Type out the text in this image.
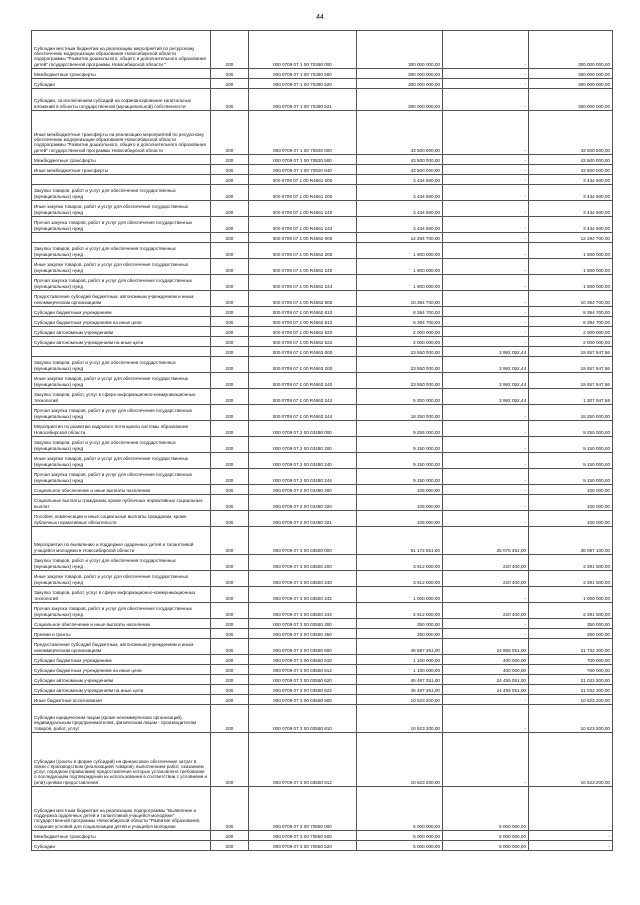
44
Субсидии местным бюджетам на реализацию мероприятий по ресурсному обеспечению модернизации образования Новосибирской области подпрограммы "Развитие дошкольного, общего и дополнительного образования детей" государственной программы Новосибирской области "	200	000 0709 07 1 00 70380 000	300 000 000,00	-	300 000 000,00
Межбюджетные трансферты	200	000 0709 07 1 00 70380 500	300 000 000,00	-	300 000 000,00
Субсидии	200	000 0709 07 1 00 70380 520	300 000 000,00	-	300 000 000,00
Субсидии, за исключением субсидий на софинансирование капитальных вложений в объекты государственной (муниципальной) собственности	200	000 0709 07 1 00 70380 521	300 000 000,00	-	300 000 000,00
Иные межбюджетные трансферты на реализацию мероприятий по ресурсному обеспечению модернизации образования Новосибирской области подпрограммы "Развитие дошкольного, общего и дополнительного образования детей" государственной программы Новосибирской области	200	000 0709 07 1 00 70820 000	43 500 000,00	-	43 500 000,00
Межбюджетные трансферты	200	000 0709 07 1 00 70820 500	43 500 000,00	-	43 500 000,00
Иные межбюджетные трансферты	200	000 0709 07 1 00 70820 540	43 500 000,00	-	43 500 000,00
	200	000 0709 07 1 00 R4661 000	3 434 600,00	-	3 434 600,00
Закупка товаров, работ и услуг для обеспечения государственных (муниципальных) нужд	200	000 0709 07 1 00 R4661 200	3 434 600,00	-	3 434 600,00
Иные закупки товаров, работ и услуг для обеспечения государственных (муниципальных) нужд	200	000 0709 07 1 00 R4661 240	3 434 600,00	-	3 434 600,00
Прочая закупка товаров, работ и услуг для обеспечения государственных (муниципальных) нужд	200	000 0709 07 1 00 R4661 244	3 434 600,00	-	3 434 600,00
	200	000 0709 07 1 00 R4662 000	12 294 700,00	-	12 294 700,00
Закупка товаров, работ и услуг для обеспечения государственных (муниципальных) нужд	200	000 0709 07 1 00 R4662 200	1 900 000,00	-	1 900 000,00
Иные закупки товаров, работ и услуг для обеспечения государственных (муниципальных) нужд	200	000 0709 07 1 00 R4662 240	1 900 000,00	-	1 900 000,00
Прочая закупка товаров, работ и услуг для обеспечения государственных (муниципальных) нужд	200	000 0709 07 1 00 R4662 244	1 900 000,00	-	1 900 000,00
Предоставление субсидий бюджетным, автономным учреждениям и иным некоммерческим организациям	200	000 0709 07 1 00 R4662 600	10 394 700,00	-	10 394 700,00
Субсидии бюджетным учреждениям	200	000 0709 07 1 00 R4662 610	8 394 700,00	-	8 394 700,00
Субсидии бюджетным учреждениям на иные цели	200	000 0709 07 1 00 R4662 612	8 394 700,00	-	8 394 700,00
Субсидии автономным учреждениям	200	000 0709 07 1 00 R4662 620	2 000 000,00	-	2 000 000,00
Субсидии автономным учреждениям на иные цели	200	000 0709 07 1 00 R4662 622	2 000 000,00	-	2 000 000,00
	200	000 0709 07 1 00 R4663 000	23 550 000,00	3 992 052,44	19 557 947,56
Закупка товаров, работ и услуг для обеспечения государственных (муниципальных) нужд	200	000 0709 07 1 00 R4663 200	23 550 000,00	3 992 052,44	19 557 947,56
Иные закупки товаров, работ и услуг для обеспечения государственных (муниципальных) нужд	200	000 0709 07 1 00 R4663 240	23 550 000,00	3 992 052,44	19 557 947,56
Закупка товаров, работ, услуг в сфере информационно-коммуникационных технологий	200	000 0709 07 1 00 R4663 242	5 300 000,00	3 992 052,44	1 307 947,56
Прочая закупка товаров, работ и услуг для обеспечения государственных (муниципальных) нужд	200	000 0709 07 1 00 R4663 244	18 250 000,00	-	18 250 000,00
Мероприятия по развитию кадрового потенциала системы образования Новосибирской области	200	000 0709 07 2 00 03480 000	9 255 000,00	-	9 255 000,00
Закупка товаров, работ и услуг для обеспечения государственных (муниципальных) нужд	200	000 0709 07 2 00 03480 200	9 150 000,00	-	9 150 000,00
Иные закупки товаров, работ и услуг для обеспечения государственных (муниципальных) нужд	200	000 0709 07 2 00 03480 240	9 150 000,00	-	9 150 000,00
Прочая закупка товаров, работ и услуг для обеспечения государственных (муниципальных) нужд	200	000 0709 07 2 00 03480 244	9 150 000,00	-	9 150 000,00
Социальное обеспечение и иные выплаты населению	200	000 0709 07 2 00 03480 300	105 000,00	-	105 000,00
Социальные выплаты гражданам, кроме публичных нормативных социальных выплат	200	000 0709 07 2 00 03480 320	105 000,00	-	105 000,00
Пособия, компенсации и иные социальные выплаты гражданам, кроме публичных нормативных обязательств	200	000 0709 07 2 00 03480 321	105 000,00	-	105 000,00
Мероприятия по выявлению и поддержке одаренных детей и талантливой учащейся молодежи в Новосибирской области	200	000 0709 07 3 00 03550 000	61 172 551,00	25 075 451,00	36 097 100,00
Закупка товаров, работ и услуг для обеспечения государственных (муниципальных) нужд	200	000 0709 07 3 00 03550 200	3 612 000,00	220 400,00	3 391 600,00
Иные закупки товаров, работ и услуг для обеспечения государственных (муниципальных) нужд	200	000 0709 07 3 00 03550 240	3 612 000,00	220 400,00	3 391 600,00
Закупка товаров, работ, услуг в сфере информационно-коммуникационных технологий	200	000 0709 07 3 00 03550 242	1 000 000,00	-	1 000 000,00
Прочая закупка товаров, работ и услуг для обеспечения государственных (муниципальных) нужд	200	000 0709 07 3 00 03550 244	2 612 000,00	220 400,00	2 391 600,00
Социальное обеспечение и иные выплаты населению	200	000 0709 07 3 00 03550 300	350 000,00	-	350 000,00
Премии и гранты	200	000 0709 07 3 00 03550 350	350 000,00	-	350 000,00
Предоставление субсидий бюджетным, автономным учреждениям и иным некоммерческим организациям	200	000 0709 07 3 00 03550 600	46 587 351,00	24 855 051,00	21 732 300,00
Субсидии бюджетным учреждениям	200	000 0709 07 3 00 03550 610	1 100 000,00	400 000,00	700 000,00
Субсидии бюджетным учреждениям на иные цели	200	000 0709 07 3 00 03550 612	1 100 000,00	400 000,00	700 000,00
Субсидии автономным учреждениям	200	000 0709 07 3 00 03550 620	45 487 351,00	24 455 051,00	21 032 300,00
Субсидии автономным учреждениям на иные цели	200	000 0709 07 3 00 03550 622	45 487 351,00	24 455 051,00	21 032 300,00
Иные бюджетные ассигнования	200	000 0709 07 3 00 03550 800	10 623 200,00	-	10 623 200,00
Субсидии юридическим лицам (кроме некоммерческих организаций), индивидуальным предпринимателям, физическим лицам - производителям товаров, работ, услуг	200	000 0709 07 3 00 03550 810	10 623 200,00	-	10 623 200,00
Субсидии (гранты в форме субсидий) на финансовое обеспечение затрат в связи с производством (реализацией товаров), выполнением работ, оказанием услуг, порядком (правилами) предоставления которых установлено требование о последующем подтверждении их использования в соответствии с условиями и (или) целями предоставления	200	000 0709 07 3 00 03550 812	10 623 200,00	-	10 623 200,00
Субсидии местным бюджетам на реализацию подпрограммы "Выявление и поддержка одаренных детей и талантливой учащейся молодежи" государственной программы Новосибирской области "Развитие образования, создание условий для социализации детей и учащейся молодежи	200	000 0709 07 3 00 70550 000	5 000 000,00	5 000 000,00	-
Межбюджетные трансферты	200	000 0709 07 3 00 70550 500	5 000 000,00	5 000 000,00	-
Субсидии	200	000 0709 07 3 00 70550 520	5 000 000,00	5 000 000,00	-
